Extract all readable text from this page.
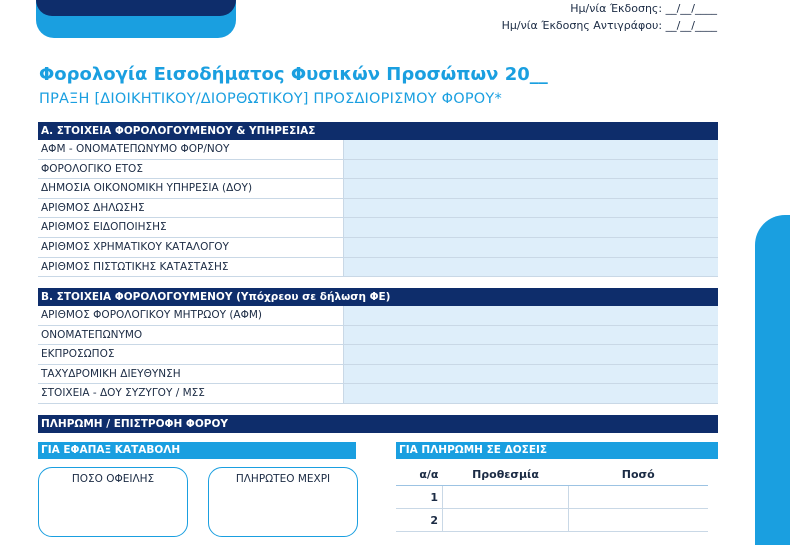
Ημ/νία Έκδοσης: __/__/____
Ημ/νία Έκδοσης Αντιγράφου: __/__/____
Φορολογία Εισοδήματος Φυσικών Προσώπων 20__
ΠΡΑΞΗ [ΔΙΟΙΚΗΤΙΚΟΥ/ΔΙΟΡΘΩΤΙΚΟΥ] ΠΡΟΣΔΙΟΡΙΣΜΟΥ ΦΟΡΟΥ*
Α. ΣΤΟΙΧΕΙΑ ΦΟΡΟΛΟΓΟΥΜΕΝΟΥ & ΥΠΗΡΕΣΙΑΣ
ΑΦΜ - ΟΝΟΜΑΤΕΠΩΝΥΜΟ ΦΟΡ/ΝΟΥ
ΦΟΡΟΛΟΓΙΚΟ ΕΤΟΣ
ΔΗΜΟΣΙΑ ΟΙΚΟΝΟΜΙΚΗ ΥΠΗΡΕΣΙΑ (ΔΟΥ)
ΑΡΙΘΜΟΣ ΔΗΛΩΣΗΣ
ΑΡΙΘΜΟΣ ΕΙΔΟΠΟΙΗΣΗΣ
ΑΡΙΘΜΟΣ ΧΡΗΜΑΤΙΚΟΥ ΚΑΤΑΛΟΓΟΥ
ΑΡΙΘΜΟΣ ΠΙΣΤΩΤΙΚΗΣ ΚΑΤΑΣΤΑΣΗΣ
Β. ΣΤΟΙΧΕΙΑ ΦΟΡΟΛΟΓΟΥΜΕΝΟΥ (Υπόχρεου σε δήλωση ΦΕ)
ΑΡΙΘΜΟΣ ΦΟΡΟΛΟΓΙΚΟΥ ΜΗΤΡΩΟΥ (ΑΦΜ)
ΟΝΟΜΑΤΕΠΩΝΥΜΟ
ΕΚΠΡΟΣΩΠΟΣ
ΤΑΧΥΔΡΟΜΙΚΗ ΔΙΕΥΘΥΝΣΗ
ΣΤΟΙΧΕΙΑ - ΔΟΥ ΣΥΖΥΓΟΥ / ΜΣΣ
ΠΛΗΡΩΜΗ / ΕΠΙΣΤΡΟΦΗ ΦΟΡΟΥ
ΓΙΑ ΕΦΑΠΑΞ ΚΑΤΑΒΟΛΗ	ΓΙΑ ΠΛΗΡΩΜΗ ΣΕ ΔΟΣΕΙΣ
ΠΟΣΟ ΟΦΕΙΛΗΣ	ΠΛΗΡΩΤΕΟ ΜΕΧΡΙ	α/α	Προθεσμία	Ποσό
1		
2		
